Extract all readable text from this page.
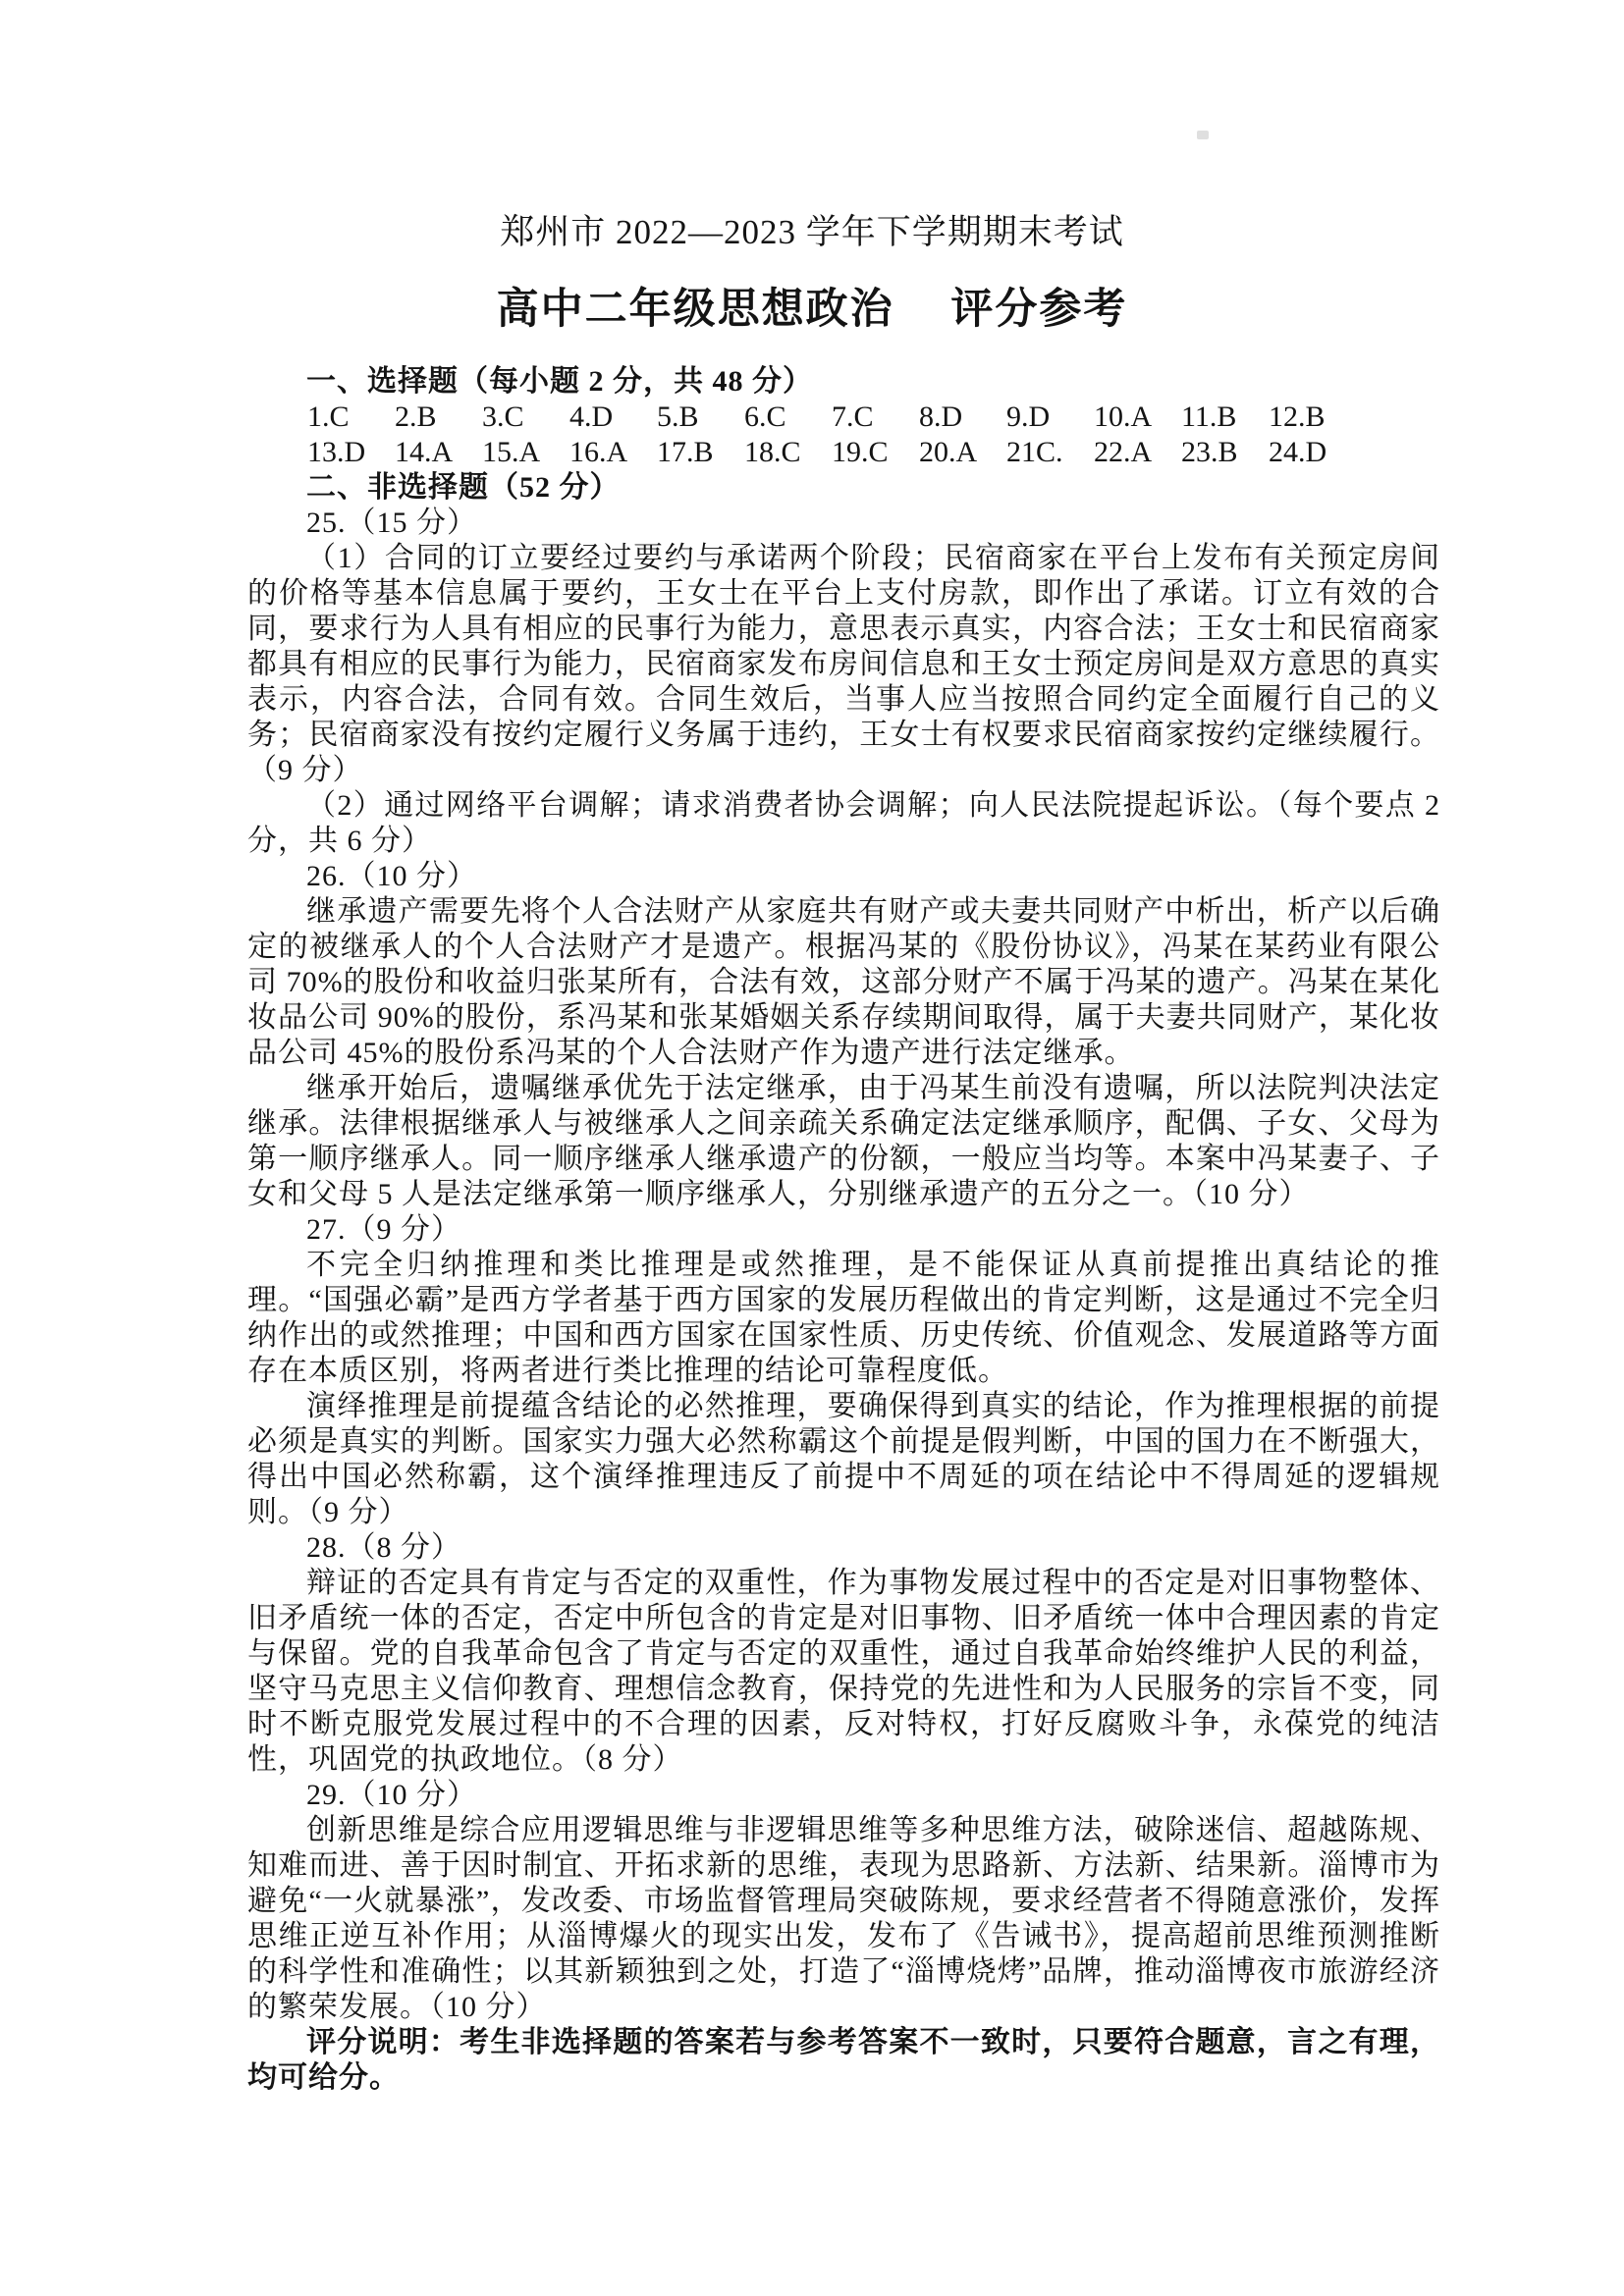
郑州市 2022—2023 学年下学期期末考试
高中二年级思想政治　 评分参考

一、选择题（每小题 2 分，共 48 分）

1.C 2.B 3.C 4.D 5.B 6.C 7.C 8.D 9.D 10.A 11.B 12.B
13.D 14.A 15.A 16.A 17.B 18.C 19.C 20.A 21C. 22.A 23.B 24.D

二、非选择题（52 分）

25.（15 分）

（1）合同的订立要经过要约与承诺两个阶段；民宿商家在平台上发布有关预定房间的价格等基本信息属于要约，王女士在平台上支付房款，即作出了承诺。订立有效的合同，要求行为人具有相应的民事行为能力，意思表示真实，内容合法；王女士和民宿商家都具有相应的民事行为能力，民宿商家发布房间信息和王女士预定房间是双方意思的真实表示，内容合法，合同有效。合同生效后，当事人应当按照合同约定全面履行自己的义务；民宿商家没有按约定履行义务属于违约，王女士有权要求民宿商家按约定继续履行。（9 分）

（2）通过网络平台调解；请求消费者协会调解；向人民法院提起诉讼。（每个要点 2 分，共 6 分）

26.（10 分）

继承遗产需要先将个人合法财产从家庭共有财产或夫妻共同财产中析出，析产以后确定的被继承人的个人合法财产才是遗产。根据冯某的《股份协议》，冯某在某药业有限公司 70%的股份和收益归张某所有，合法有效，这部分财产不属于冯某的遗产。冯某在某化妆品公司 90%的股份，系冯某和张某婚姻关系存续期间取得，属于夫妻共同财产，某化妆品公司 45%的股份系冯某的个人合法财产作为遗产进行法定继承。

继承开始后，遗嘱继承优先于法定继承，由于冯某生前没有遗嘱，所以法院判决法定继承。法律根据继承人与被继承人之间亲疏关系确定法定继承顺序，配偶、子女、父母为第一顺序继承人。同一顺序继承人继承遗产的份额，一般应当均等。本案中冯某妻子、子女和父母 5 人是法定继承第一顺序继承人，分别继承遗产的五分之一。（10 分）

27.（9 分）

不完全归纳推理和类比推理是或然推理，是不能保证从真前提推出真结论的推理。“国强必霸”是西方学者基于西方国家的发展历程做出的肯定判断，这是通过不完全归纳作出的或然推理；中国和西方国家在国家性质、历史传统、价值观念、发展道路等方面存在本质区别，将两者进行类比推理的结论可靠程度低。

演绎推理是前提蕴含结论的必然推理，要确保得到真实的结论，作为推理根据的前提必须是真实的判断。国家实力强大必然称霸这个前提是假判断，中国的国力在不断强大，得出中国必然称霸，这个演绎推理违反了前提中不周延的项在结论中不得周延的逻辑规则。（9 分）

28.（8 分）

辩证的否定具有肯定与否定的双重性，作为事物发展过程中的否定是对旧事物整体、旧矛盾统一体的否定，否定中所包含的肯定是对旧事物、旧矛盾统一体中合理因素的肯定与保留。党的自我革命包含了肯定与否定的双重性，通过自我革命始终维护人民的利益，坚守马克思主义信仰教育、理想信念教育，保持党的先进性和为人民服务的宗旨不变，同时不断克服党发展过程中的不合理的因素，反对特权，打好反腐败斗争，永葆党的纯洁性，巩固党的执政地位。（8 分）

29.（10 分）

创新思维是综合应用逻辑思维与非逻辑思维等多种思维方法，破除迷信、超越陈规、知难而进、善于因时制宜、开拓求新的思维，表现为思路新、方法新、结果新。淄博市为避免“一火就暴涨”，发改委、市场监督管理局突破陈规，要求经营者不得随意涨价，发挥思维正逆互补作用；从淄博爆火的现实出发，发布了《告诫书》，提高超前思维预测推断的科学性和准确性；以其新颖独到之处，打造了“淄博烧烤”品牌，推动淄博夜市旅游经济的繁荣发展。（10 分）

评分说明：考生非选择题的答案若与参考答案不一致时，只要符合题意，言之有理，均可给分。
